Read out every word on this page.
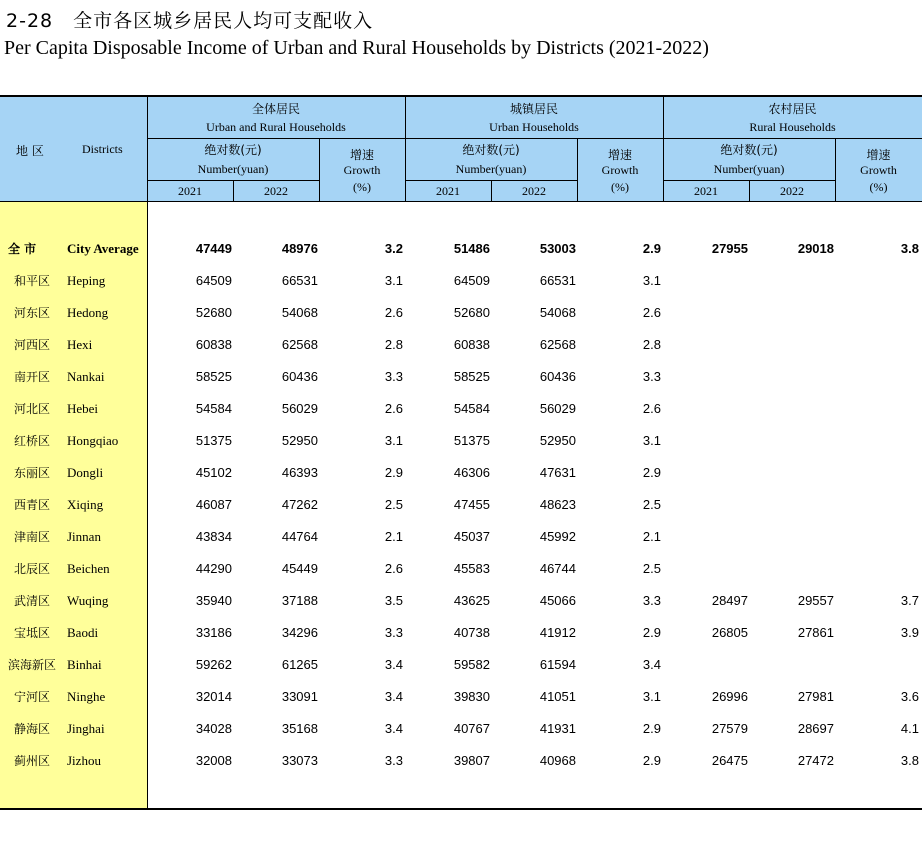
2-28 全市各区城乡居民人均可支配收入
Per Capita Disposable Income of Urban and Rural Households by Districts (2021-2022)
地 区	Districts
全体居民
Urban and Rural Households
城镇居民
Urban Households
农村居民
Rural Households
绝对数(元)
Number(yuan)
2021	2022
增速
Growth
(%)
绝对数(元)
Number(yuan)
2021	2022
增速
Growth
(%)
绝对数(元)
Number(yuan)
2021	2022
增速
Growth
(%)
全 市 City Average	47449	48976	3.2	51486	53003	2.9	27955	29018	3.8
和平区 Heping	64509	66531	3.1	64509	66531	3.1
河东区 Hedong	52680	54068	2.6	52680	54068	2.6
河西区 Hexi	60838	62568	2.8	60838	62568	2.8
南开区 Nankai	58525	60436	3.3	58525	60436	3.3
河北区 Hebei	54584	56029	2.6	54584	56029	2.6
红桥区 Hongqiao	51375	52950	3.1	51375	52950	3.1
东丽区 Dongli	45102	46393	2.9	46306	47631	2.9
西青区 Xiqing	46087	47262	2.5	47455	48623	2.5
津南区 Jinnan	43834	44764	2.1	45037	45992	2.1
北辰区 Beichen	44290	45449	2.6	45583	46744	2.5
武清区 Wuqing	35940	37188	3.5	43625	45066	3.3	28497	29557	3.7
宝坻区 Baodi	33186	34296	3.3	40738	41912	2.9	26805	27861	3.9
滨海新区 Binhai	59262	61265	3.4	59582	61594	3.4
宁河区 Ninghe	32014	33091	3.4	39830	41051	3.1	26996	27981	3.6
静海区 Jinghai	34028	35168	3.4	40767	41931	2.9	27579	28697	4.1
蓟州区 Jizhou	32008	33073	3.3	39807	40968	2.9	26475	27472	3.8
